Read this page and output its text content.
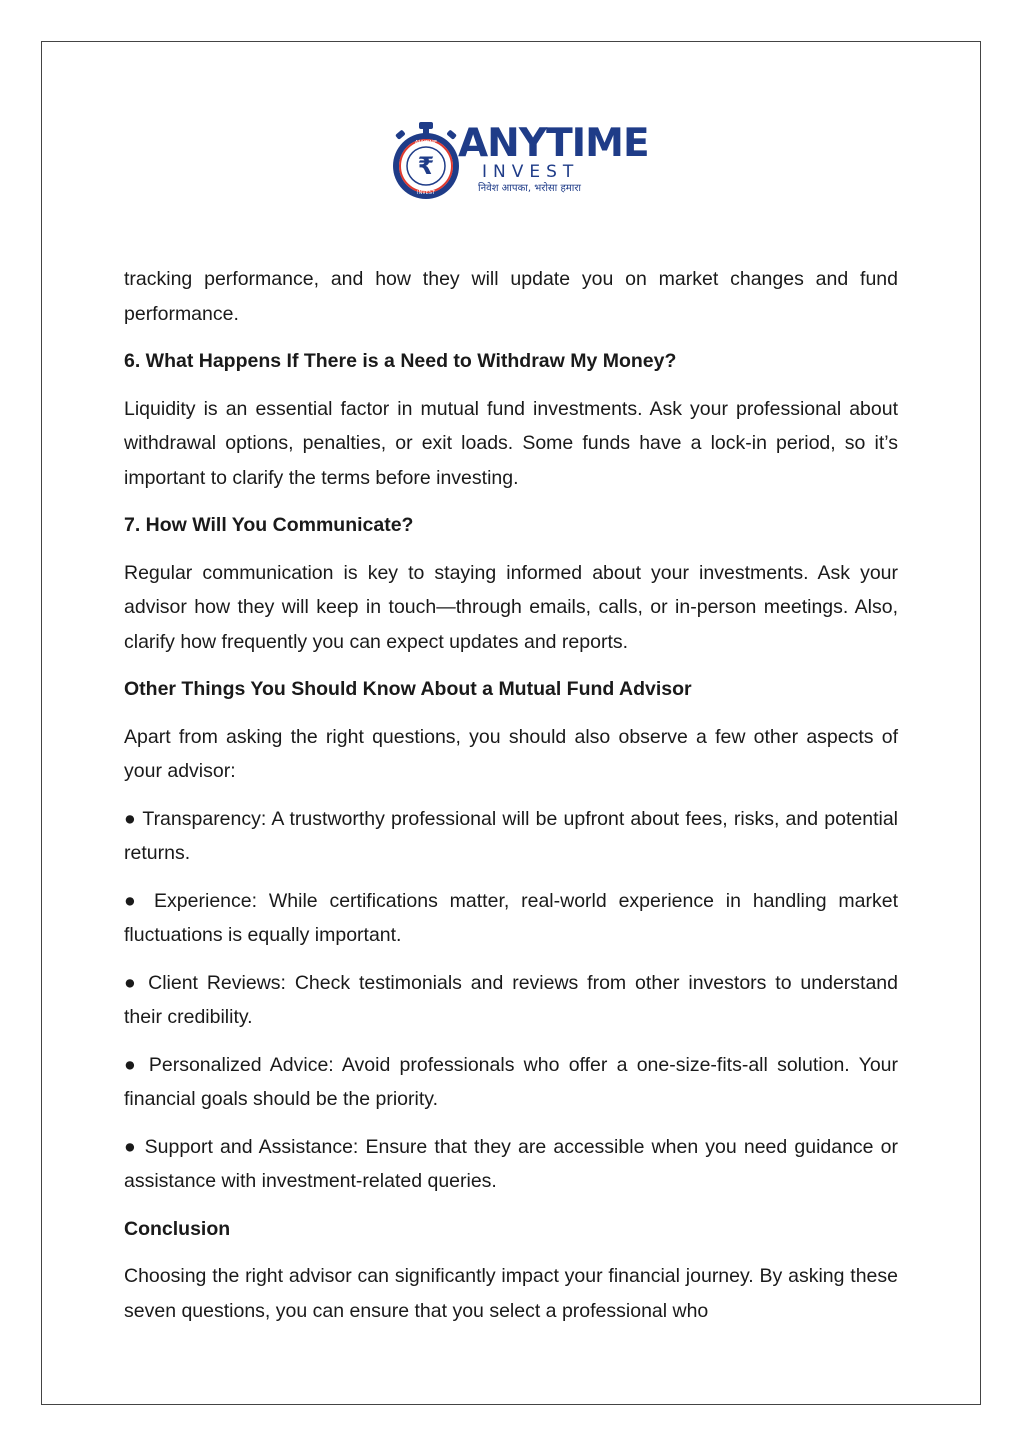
₹
ANYTIME
INVEST
ANYTIME
INVEST
निवेश आपका, भरोसा हमारा

tracking performance, and how they will update you on market changes and fund performance.

6. What Happens If There is a Need to Withdraw My Money?

Liquidity is an essential factor in mutual fund investments. Ask your professional about withdrawal options, penalties, or exit loads. Some funds have a lock-in period, so it’s important to clarify the terms before investing.

7. How Will You Communicate?

Regular communication is key to staying informed about your investments. Ask your advisor how they will keep in touch—through emails, calls, or in-person meetings. Also, clarify how frequently you can expect updates and reports.

Other Things You Should Know About a Mutual Fund Advisor

Apart from asking the right questions, you should also observe a few other aspects of your advisor:

● Transparency: A trustworthy professional will be upfront about fees, risks, and potential returns.

● Experience: While certifications matter, real-world experience in handling market fluctuations is equally important.

● Client Reviews: Check testimonials and reviews from other investors to understand their credibility.

● Personalized Advice: Avoid professionals who offer a one-size-fits-all solution. Your financial goals should be the priority.

● Support and Assistance: Ensure that they are accessible when you need guidance or assistance with investment-related queries.

Conclusion

Choosing the right advisor can significantly impact your financial journey. By asking these seven questions, you can ensure that you select a professional who
